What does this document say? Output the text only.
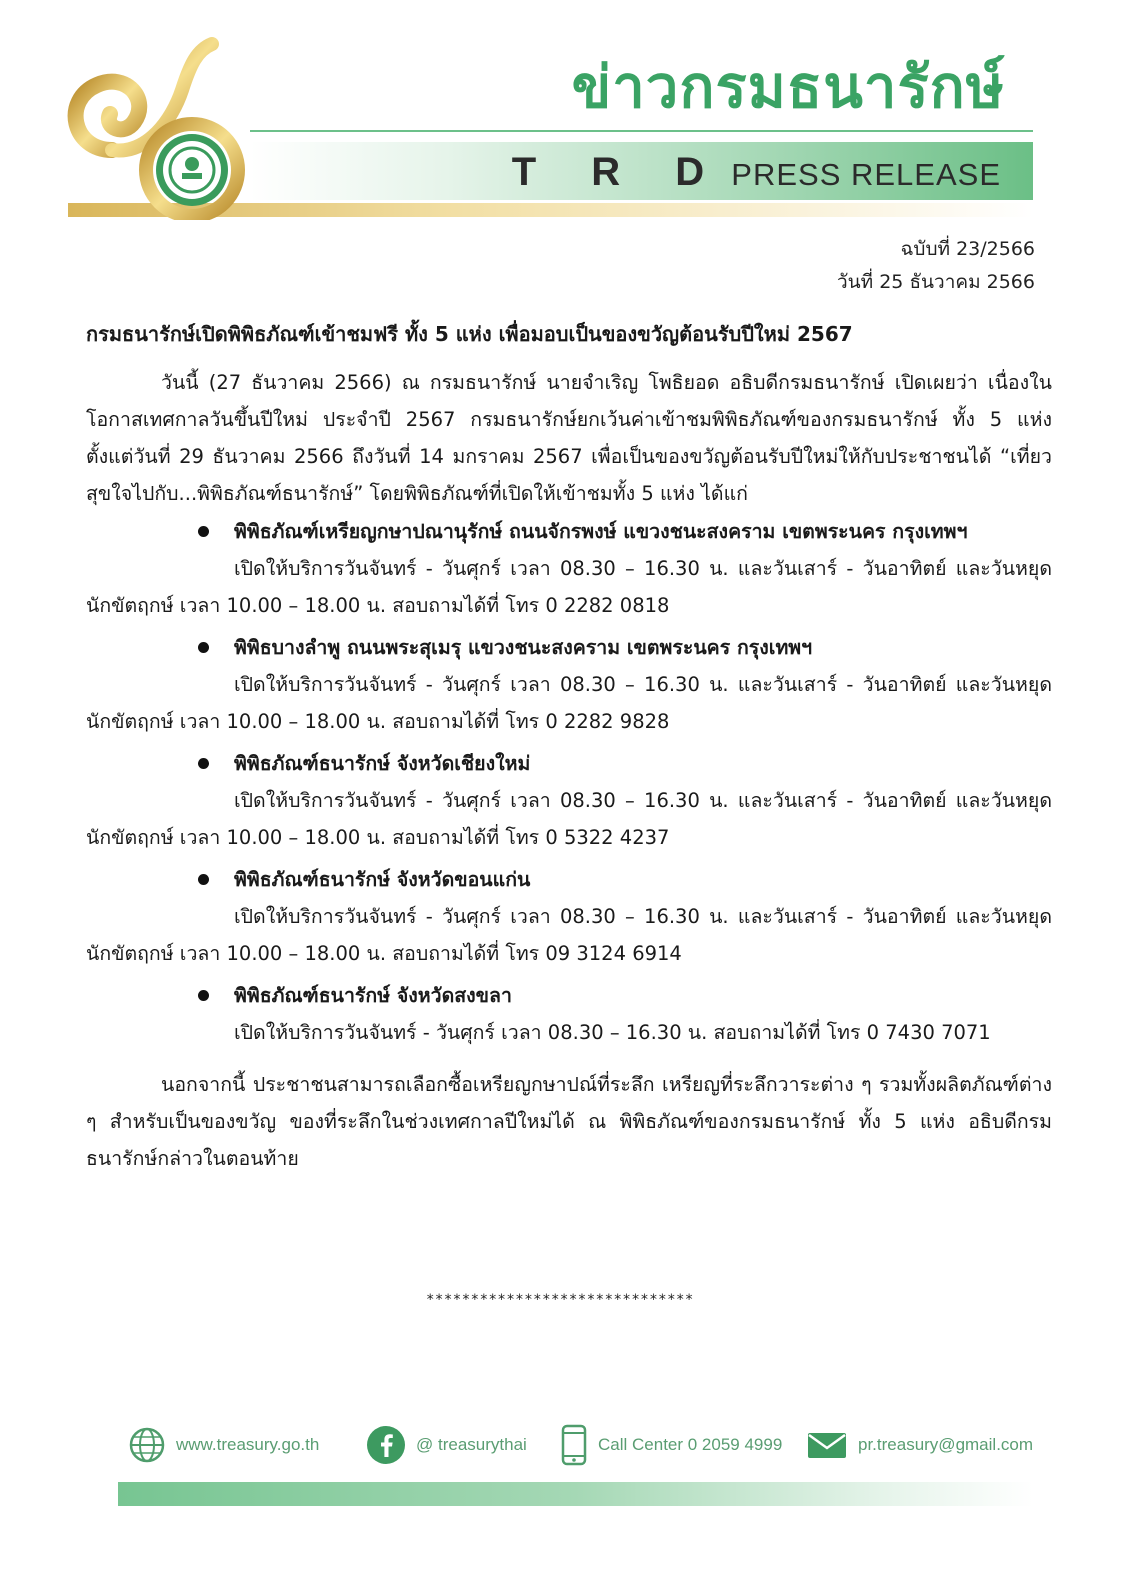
ข่าวกรมธนารักษ์
T R D PRESS RELEASE
ฉบับที่ 23/2566
วันที่ 25 ธันวาคม 2566
กรมธนารักษ์เปิดพิพิธภัณฑ์เข้าชมฟรี ทั้ง 5 แห่ง เพื่อมอบเป็นของขวัญต้อนรับปีใหม่ 2567
วันนี้ (27 ธันวาคม 2566) ณ กรมธนารักษ์ นายจำเริญ โพธิยอด อธิบดีกรมธนารักษ์ เปิดเผยว่า เนื่องในโอกาสเทศกาลวันขึ้นปีใหม่ ประจำปี 2567 กรมธนารักษ์ยกเว้นค่าเข้าชมพิพิธภัณฑ์ของกรมธนารักษ์ ทั้ง 5 แห่ง ตั้งแต่วันที่ 29 ธันวาคม 2566 ถึงวันที่ 14 มกราคม 2567 เพื่อเป็นของขวัญต้อนรับปีใหม่ให้กับประชาชนได้ “เที่ยวสุขใจไปกับ...พิพิธภัณฑ์ธนารักษ์” โดยพิพิธภัณฑ์ที่เปิดให้เข้าชมทั้ง 5 แห่ง ได้แก่
พิพิธภัณฑ์เหรียญกษาปณานุรักษ์ ถนนจักรพงษ์ แขวงชนะสงคราม เขตพระนคร กรุงเทพฯ
เปิดให้บริการวันจันทร์ - วันศุกร์ เวลา 08.30 – 16.30 น. และวันเสาร์ - วันอาทิตย์ และวันหยุดนักขัตฤกษ์ เวลา 10.00 – 18.00 น. สอบถามได้ที่ โทร 0 2282 0818
พิพิธบางลำพู ถนนพระสุเมรุ แขวงชนะสงคราม เขตพระนคร กรุงเทพฯ
เปิดให้บริการวันจันทร์ - วันศุกร์ เวลา 08.30 – 16.30 น. และวันเสาร์ - วันอาทิตย์ และวันหยุดนักขัตฤกษ์ เวลา 10.00 – 18.00 น. สอบถามได้ที่ โทร 0 2282 9828
พิพิธภัณฑ์ธนารักษ์ จังหวัดเชียงใหม่
เปิดให้บริการวันจันทร์ - วันศุกร์ เวลา 08.30 – 16.30 น. และวันเสาร์ - วันอาทิตย์ และวันหยุดนักขัตฤกษ์ เวลา 10.00 – 18.00 น. สอบถามได้ที่ โทร 0 5322 4237
พิพิธภัณฑ์ธนารักษ์ จังหวัดขอนแก่น
เปิดให้บริการวันจันทร์ - วันศุกร์ เวลา 08.30 – 16.30 น. และวันเสาร์ - วันอาทิตย์ และวันหยุดนักขัตฤกษ์ เวลา 10.00 – 18.00 น. สอบถามได้ที่ โทร 09 3124 6914
พิพิธภัณฑ์ธนารักษ์ จังหวัดสงขลา
เปิดให้บริการวันจันทร์ - วันศุกร์ เวลา 08.30 – 16.30 น. สอบถามได้ที่ โทร 0 7430 7071
นอกจากนี้ ประชาชนสามารถเลือกซื้อเหรียญกษาปณ์ที่ระลึก เหรียญที่ระลึกวาระต่าง ๆ รวมทั้งผลิตภัณฑ์ต่าง ๆ สำหรับเป็นของขวัญ ของที่ระลึกในช่วงเทศกาลปีใหม่ได้ ณ พิพิธภัณฑ์ของกรมธนารักษ์ ทั้ง 5 แห่ง อธิบดีกรมธนารักษ์กล่าวในตอนท้าย
******************************
www.treasury.go.th	@ treasurythai	Call Center 0 2059 4999	pr.treasury@gmail.com
